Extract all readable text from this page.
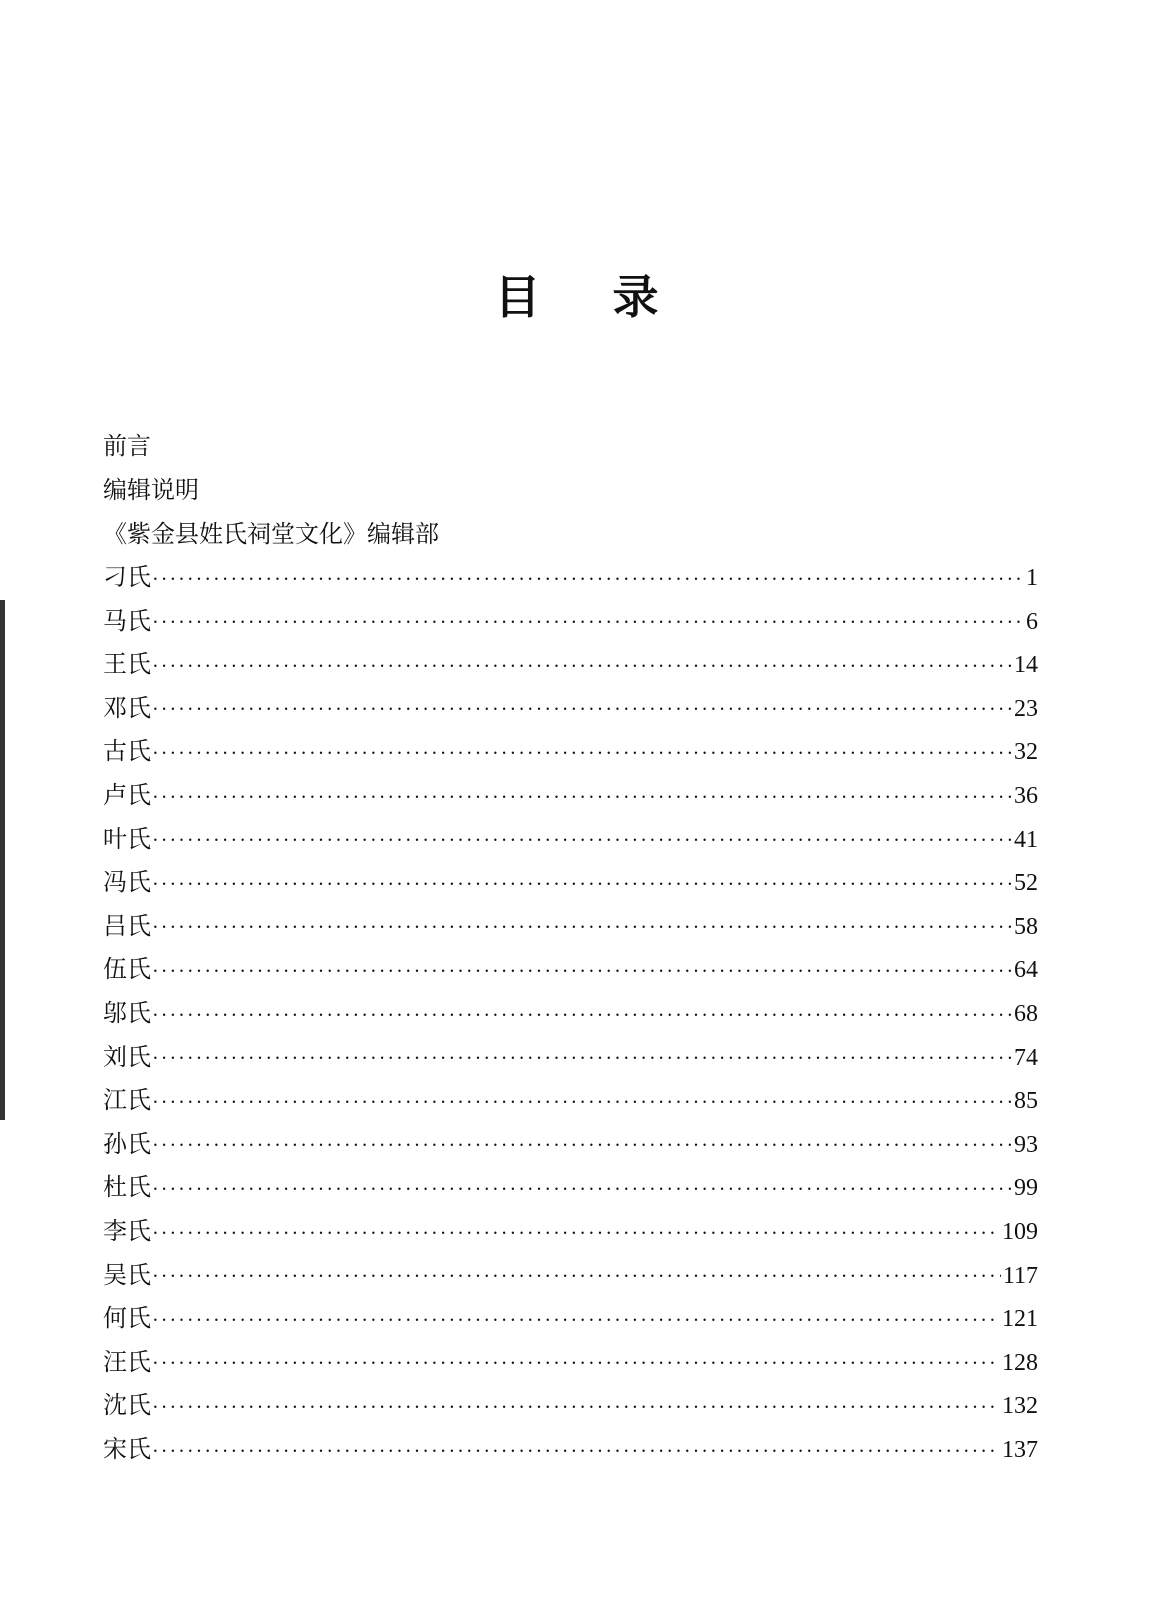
目 录
前言
编辑说明
《紫金县姓氏祠堂文化》编辑部
刁氏 •••••	1
马氏 •••••	6
王氏 •••••	14
邓氏 •••••	23
古氏 •••••	32
卢氏 •••••	36
叶氏 •••••	41
冯氏 •••••	52
吕氏 •••••	58
伍氏 •••••	64
邬氏 •••••	68
刘氏 •••••	74
江氏 •••••	85
孙氏 •••••	93
杜氏 •••••	99
李氏 •••••	109
吴氏 •••••	117
何氏 •••••	121
汪氏 •••••	128
沈氏 •••••	132
宋氏 •••••	137
